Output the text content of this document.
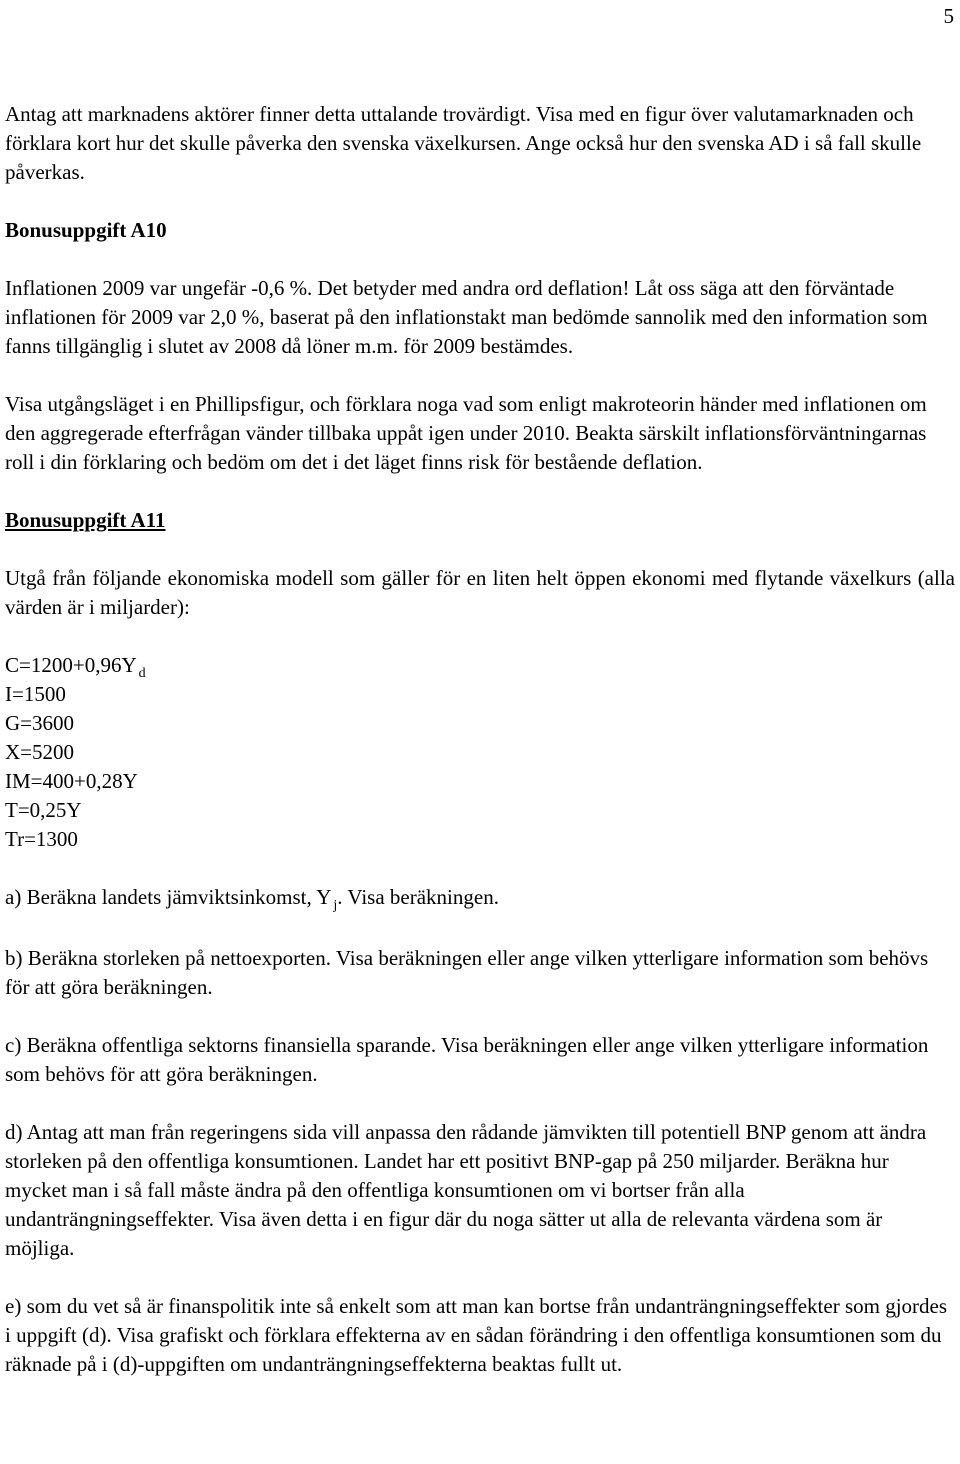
5

Antag att marknadens aktörer finner detta uttalande trovärdigt. Visa med en figur över valutamarknaden och förklara kort hur det skulle påverka den svenska växelkursen. Ange också hur den svenska AD i så fall skulle påverkas.

Bonusuppgift A10

Inflationen 2009 var ungefär -0,6 %. Det betyder med andra ord deflation! Låt oss säga att den förväntade inflationen för 2009 var 2,0 %, baserat på den inflationstakt man bedömde sannolik med den information som fanns tillgänglig i slutet av 2008 då löner m.m. för 2009 bestämdes.

Visa utgångsläget i en Phillipsfigur, och förklara noga vad som enligt makroteorin händer med inflationen om den aggregerade efterfrågan vänder tillbaka uppåt igen under 2010. Beakta särskilt inflationsförväntningarnas roll i din förklaring och bedöm om det i det läget finns risk för bestående deflation.

Bonusuppgift A11

Utgå från följande ekonomiska modell som gäller för en liten helt öppen ekonomi med flytande växelkurs (alla värden är i miljarder):

C=1200+0,96Y $_d$
I=1500
G=3600
X=5200
IM=400+0,28Y
T=0,25Y
Tr=1300

a) Beräkna landets jämviktsinkomst, Y $_j$. Visa beräkningen.

b) Beräkna storleken på nettoexporten. Visa beräkningen eller ange vilken ytterligare information som behövs för att göra beräkningen.

c) Beräkna offentliga sektorns finansiella sparande. Visa beräkningen eller ange vilken ytterligare information som behövs för att göra beräkningen.

d) Antag att man från regeringens sida vill anpassa den rådande jämvikten till potentiell BNP genom att ändra storleken på den offentliga konsumtionen. Landet har ett positivt BNP-gap på 250 miljarder. Beräkna hur mycket man i så fall måste ändra på den offentliga konsumtionen om vi bortser från alla undanträngningseffekter. Visa även detta i en figur där du noga sätter ut alla de relevanta värdena som är möjliga.

e) som du vet så är finanspolitik inte så enkelt som att man kan bortse från undanträngningseffekter som gjordes i uppgift (d). Visa grafiskt och förklara effekterna av en sådan förändring i den offentliga konsumtionen som du räknade på i (d)-uppgiften om undanträngningseffekterna beaktas fullt ut.
